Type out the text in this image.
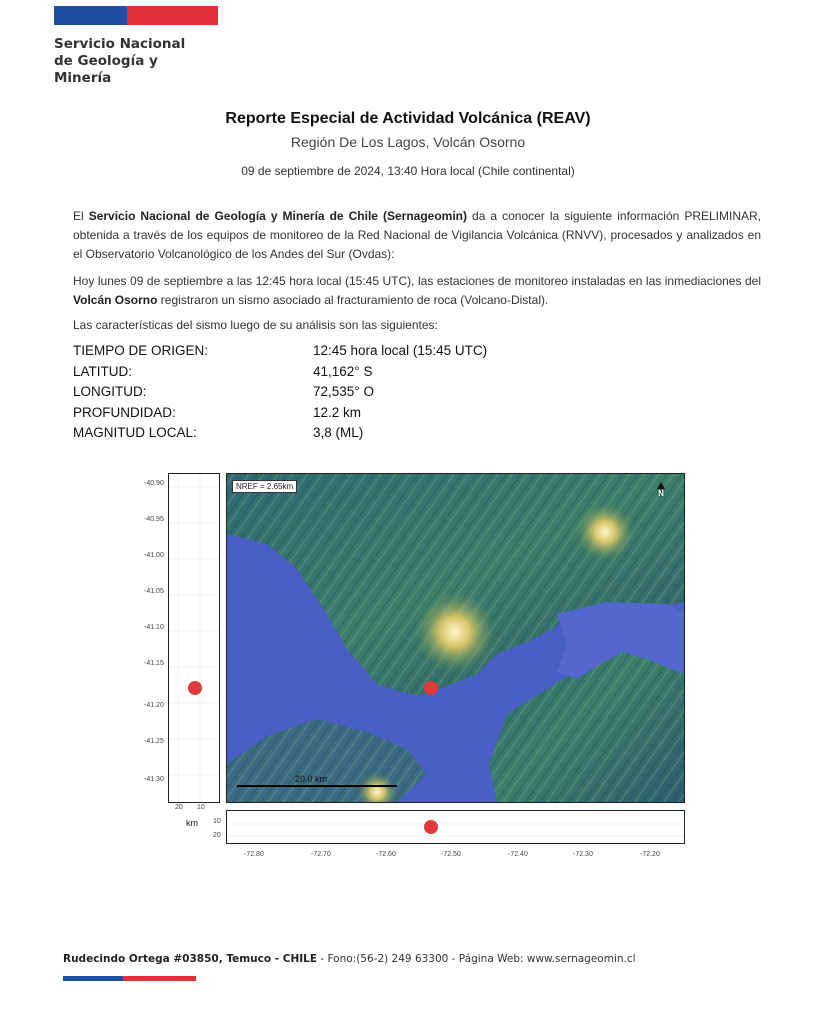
Servicio Nacional
de Geología y
Minería
Reporte Especial de Actividad Volcánica (REAV)
Región De Los Lagos, Volcán Osorno
09 de septiembre de 2024, 13:40 Hora local (Chile continental)
El Servicio Nacional de Geología y Minería de Chile (Sernageomin) da a conocer la siguiente información PRELIMINAR, obtenida a través de los equipos de monitoreo de la Red Nacional de Vigilancia Volcánica (RNVV), procesados y analizados en el Observatorio Volcanológico de los Andes del Sur (Ovdas):
Hoy lunes 09 de septiembre a las 12:45 hora local (15:45 UTC), las estaciones de monitoreo instaladas en las inmediaciones del Volcán Osorno registraron un sismo asociado al fracturamiento de roca (Volcano-Distal).
Las características del sismo luego de su análisis son las siguientes:
TIEMPO DE ORIGEN:	12:45 hora local (15:45 UTC)
LATITUD:	41,162° S
LONGITUD:	72,535° O
PROFUNDIDAD:	12.2 km
MAGNITUD LOCAL:	3,8 (ML)
NREF = 2.65km
N
20.0 km
-40.90
-40.95
-41.00
-41.05
-41.10
-41.15
-41.20
-41.25
-41.30
20 10
km 10
20
-72.80	-72.70	-72.60	-72.50	-72.40	-72.30	-72.20
Rudecindo Ortega #03850, Temuco - CHILE - Fono:(56-2) 249 63300 - Página Web: www.sernageomin.cl
